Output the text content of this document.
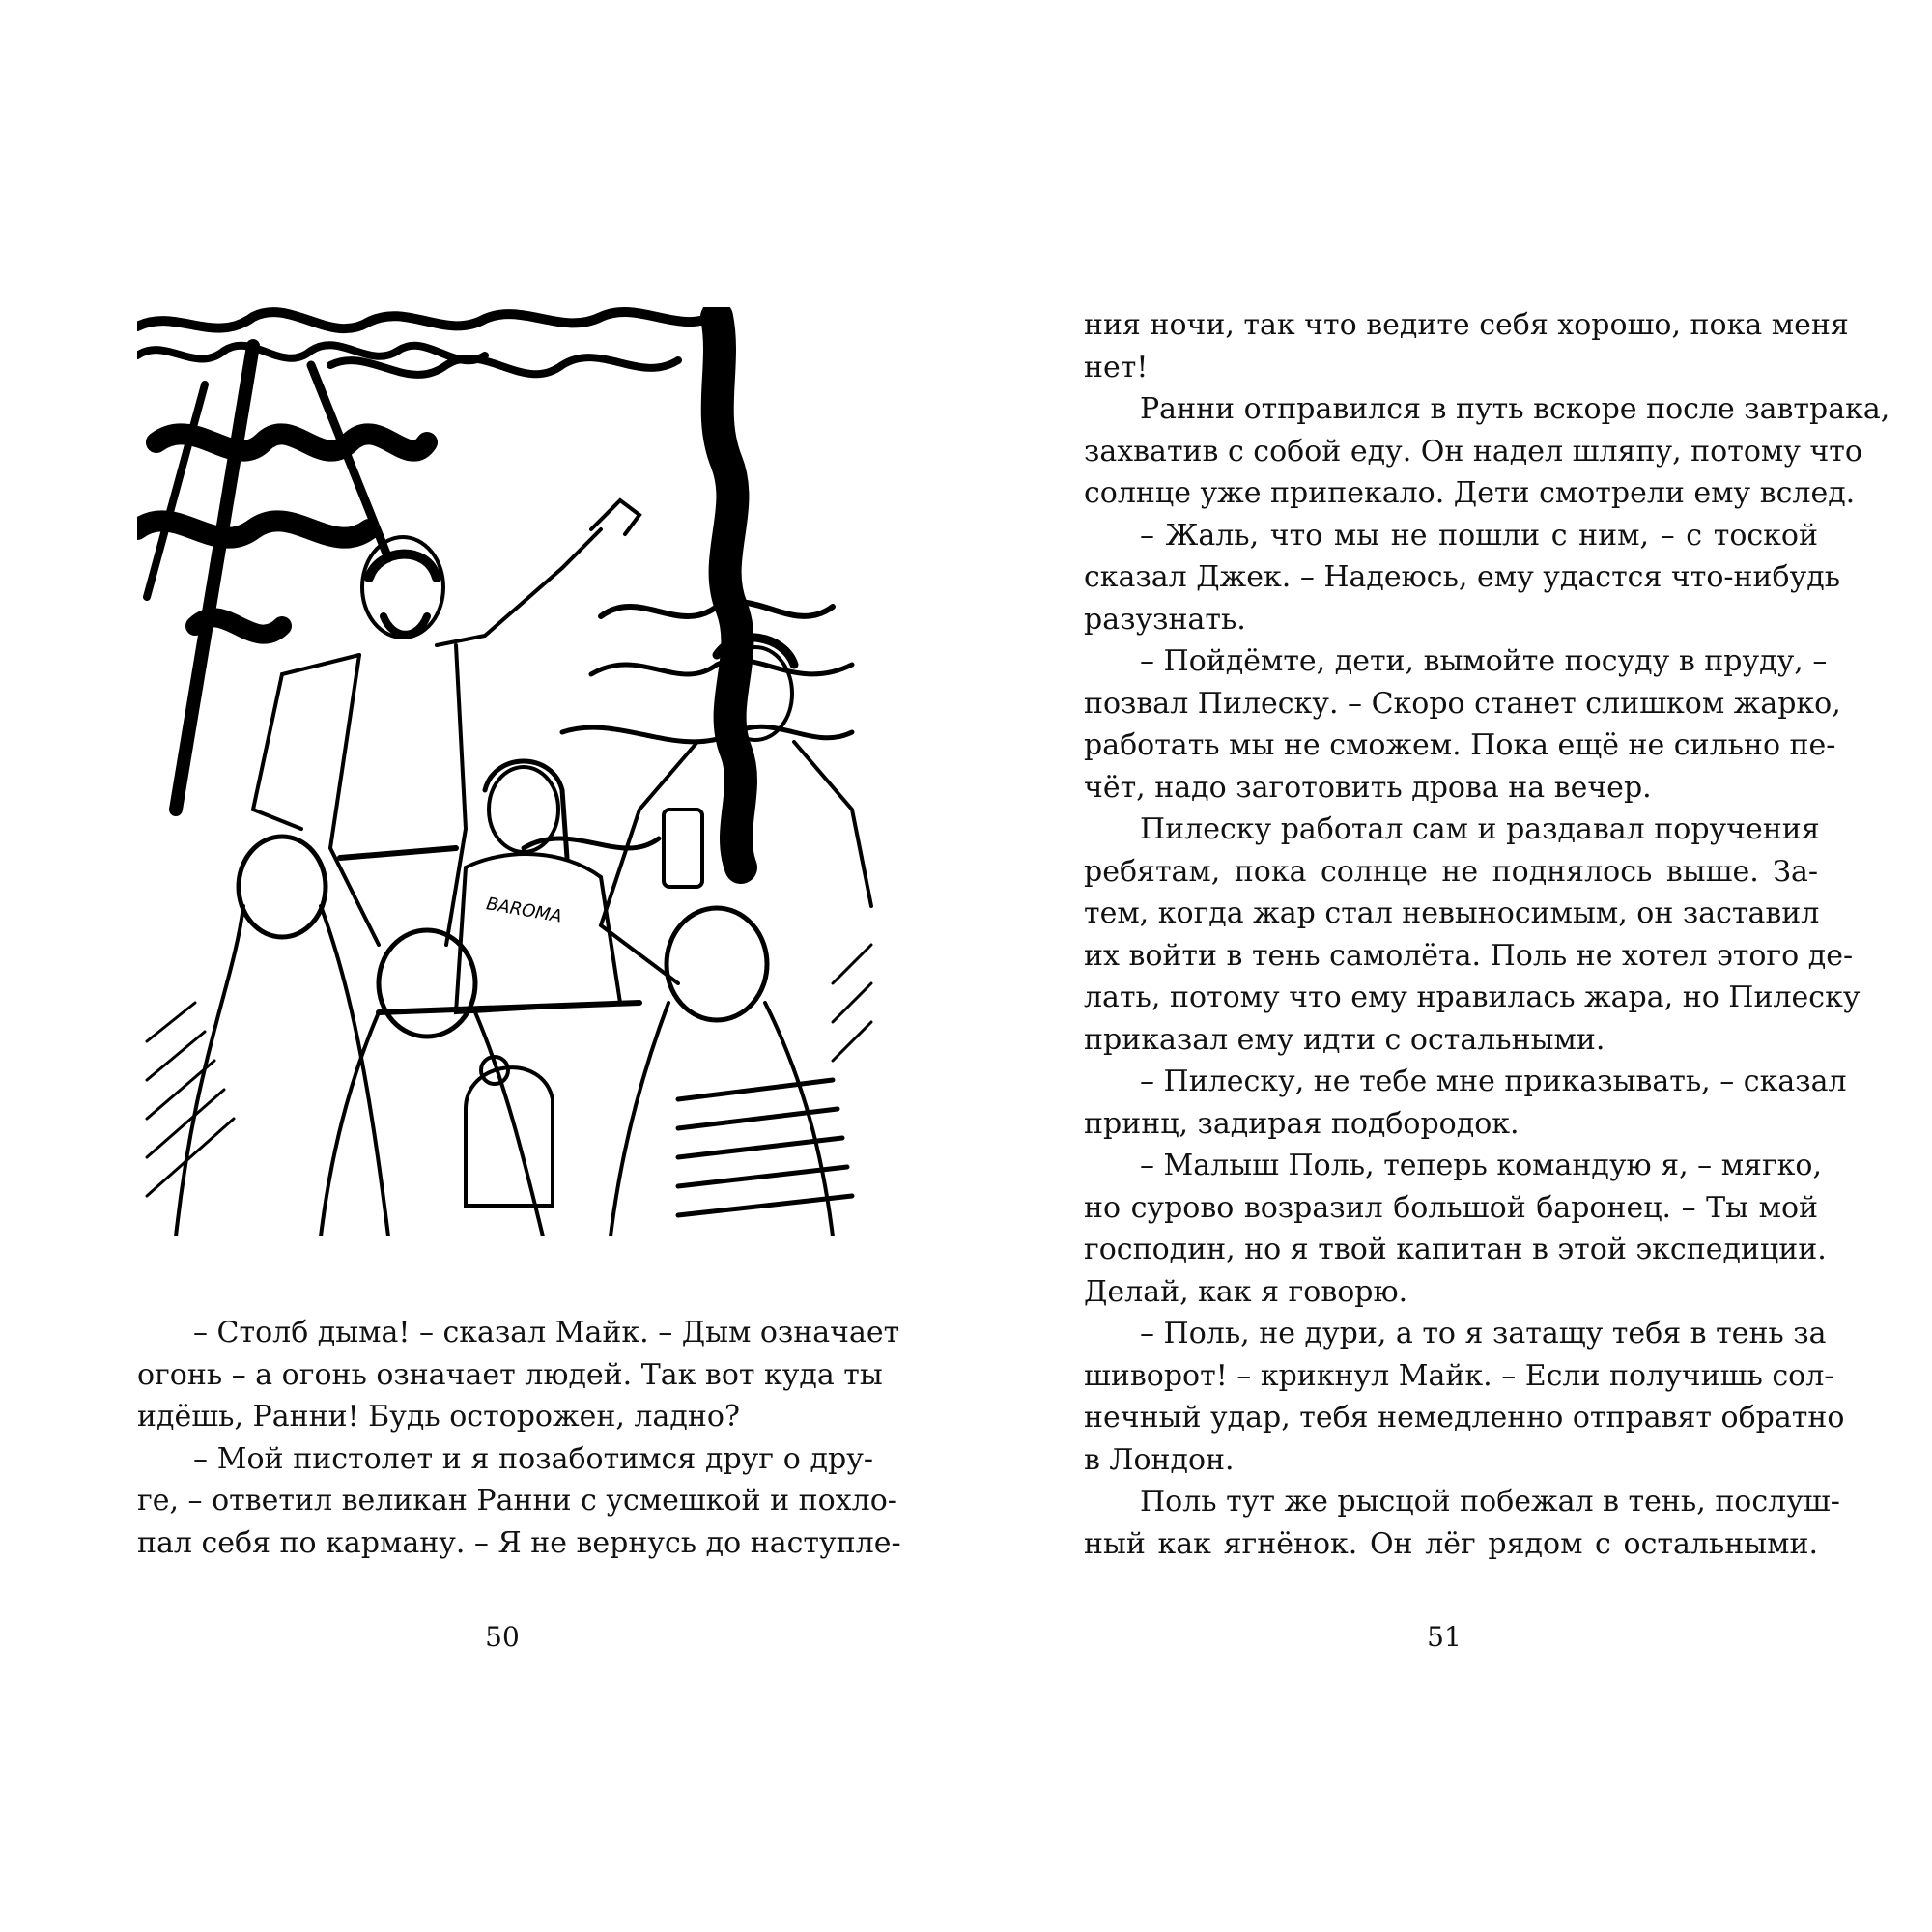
BAROMA
– Столб дыма! – сказал Майк. – Дым означает
огонь – а огонь означает людей. Так вот куда ты
идёшь, Ранни! Будь осторожен, ладно?
– Мой пистолет и я позаботимся друг о дру-
ге, – ответил великан Ранни с усмешкой и похло-
пал себя по карману. – Я не вернусь до наступле-
50
ния ночи, так что ведите себя хорошо, пока меня
нет!
Ранни отправился в путь вскоре после завтрака,
захватив с собой еду. Он надел шляпу, потому что
солнце уже припекало. Дети смотрели ему вслед.
– Жаль, что мы не пошли с ним, – с тоской
сказал Джек. – Надеюсь, ему удастся что-нибудь
разузнать.
– Пойдёмте, дети, вымойте посуду в пруду, –
позвал Пилеску. – Скоро станет слишком жарко,
работать мы не сможем. Пока ещё не сильно пе-
чёт, надо заготовить дрова на вечер.
Пилеску работал сам и раздавал поручения
ребятам, пока солнце не поднялось выше. За-
тем, когда жар стал невыносимым, он заставил
их войти в тень самолёта. Поль не хотел этого де-
лать, потому что ему нравилась жара, но Пилеску
приказал ему идти с остальными.
– Пилеску, не тебе мне приказывать, – сказал
принц, задирая подбородок.
– Малыш Поль, теперь командую я, – мягко,
но сурово возразил большой баронец. – Ты мой
господин, но я твой капитан в этой экспедиции.
Делай, как я говорю.
– Поль, не дури, а то я затащу тебя в тень за
шиворот! – крикнул Майк. – Если получишь сол-
нечный удар, тебя немедленно отправят обратно
в Лондон.
Поль тут же рысцой побежал в тень, послуш-
ный как ягнёнок. Он лёг рядом с остальными.
51
